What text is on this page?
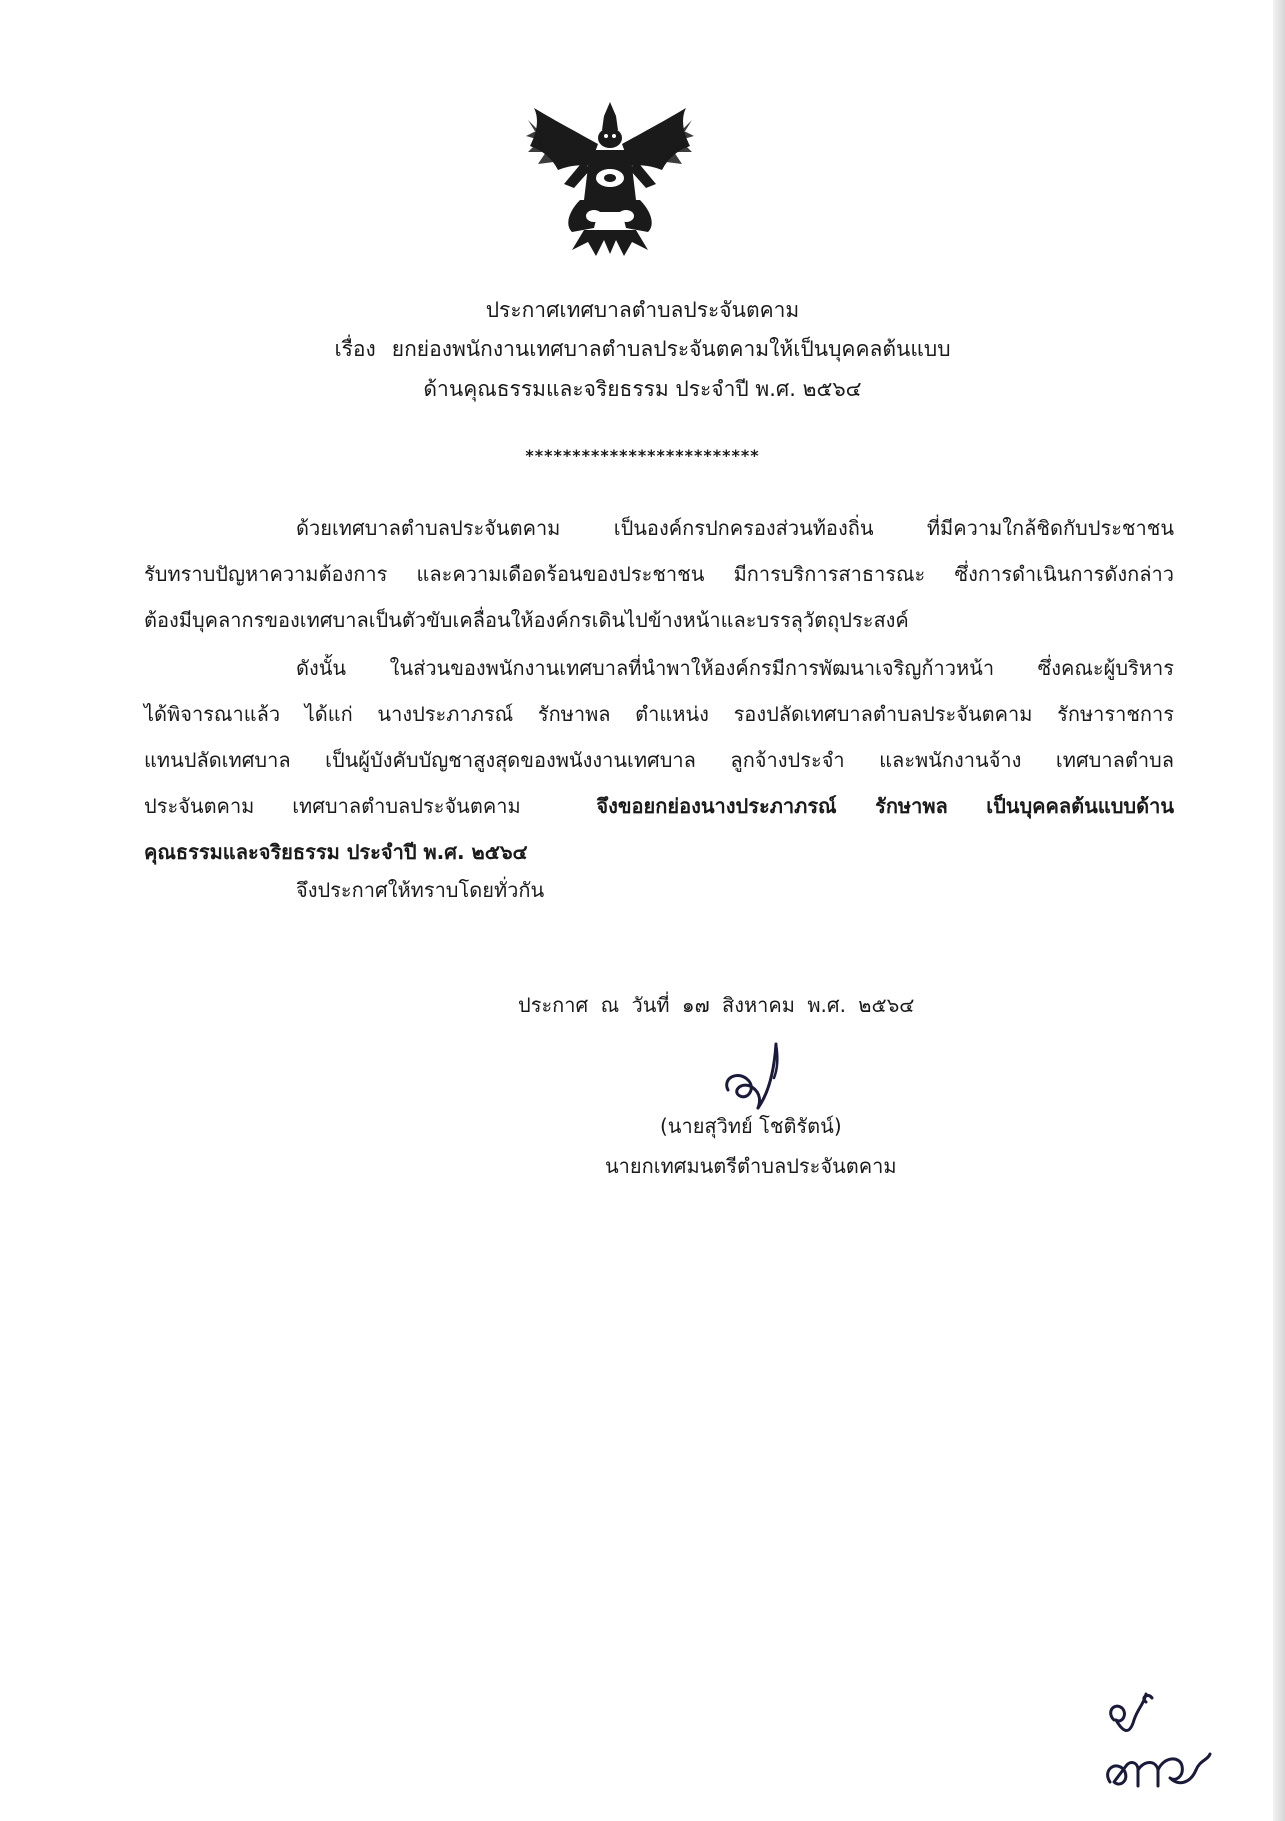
ประกาศเทศบาลตำบลประจันตคาม
เรื่อง ยกย่องพนักงานเทศบาลตำบลประจันตคามให้เป็นบุคคลต้นแบบ
ด้านคุณธรรมและจริยธรรม ประจำปี พ.ศ. ๒๕๖๔
*************************
ด้วยเทศบาลตำบลประจันตคาม เป็นองค์กรปกครองส่วนท้องถิ่น ที่มีความใกล้ชิดกับประชาชน
รับทราบปัญหาความต้องการ และความเดือดร้อนของประชาชน มีการบริการสาธารณะ ซึ่งการดำเนินการดังกล่าว
ต้องมีบุคลากรของเทศบาลเป็นตัวขับเคลื่อนให้องค์กรเดินไปข้างหน้าและบรรลุวัตถุประสงค์
ดังนั้น ในส่วนของพนักงานเทศบาลที่นำพาให้องค์กรมีการพัฒนาเจริญก้าวหน้า ซึ่งคณะผู้บริหาร
ได้พิจารณาแล้ว ได้แก่ นางประภาภรณ์ รักษาพล ตำแหน่ง รองปลัดเทศบาลตำบลประจันตคาม รักษาราชการ
แทนปลัดเทศบาล เป็นผู้บังคับบัญชาสูงสุดของพนังงานเทศบาล ลูกจ้างประจำ และพนักงานจ้าง เทศบาลตำบล
ประจันตคาม เทศบาลตำบลประจันตคาม	จึงขอยกย่องนางประภาภรณ์ รักษาพล เป็นบุคคลต้นแบบด้าน
คุณธรรมและจริยธรรม ประจำปี พ.ศ. ๒๕๖๔
จึงประกาศให้ทราบโดยทั่วกัน
ประกาศ ณ วันที่ ๑๗ สิงหาคม พ.ศ. ๒๕๖๔
(นายสุวิทย์ โชติรัตน์)
นายกเทศมนตรีตำบลประจันตคาม
